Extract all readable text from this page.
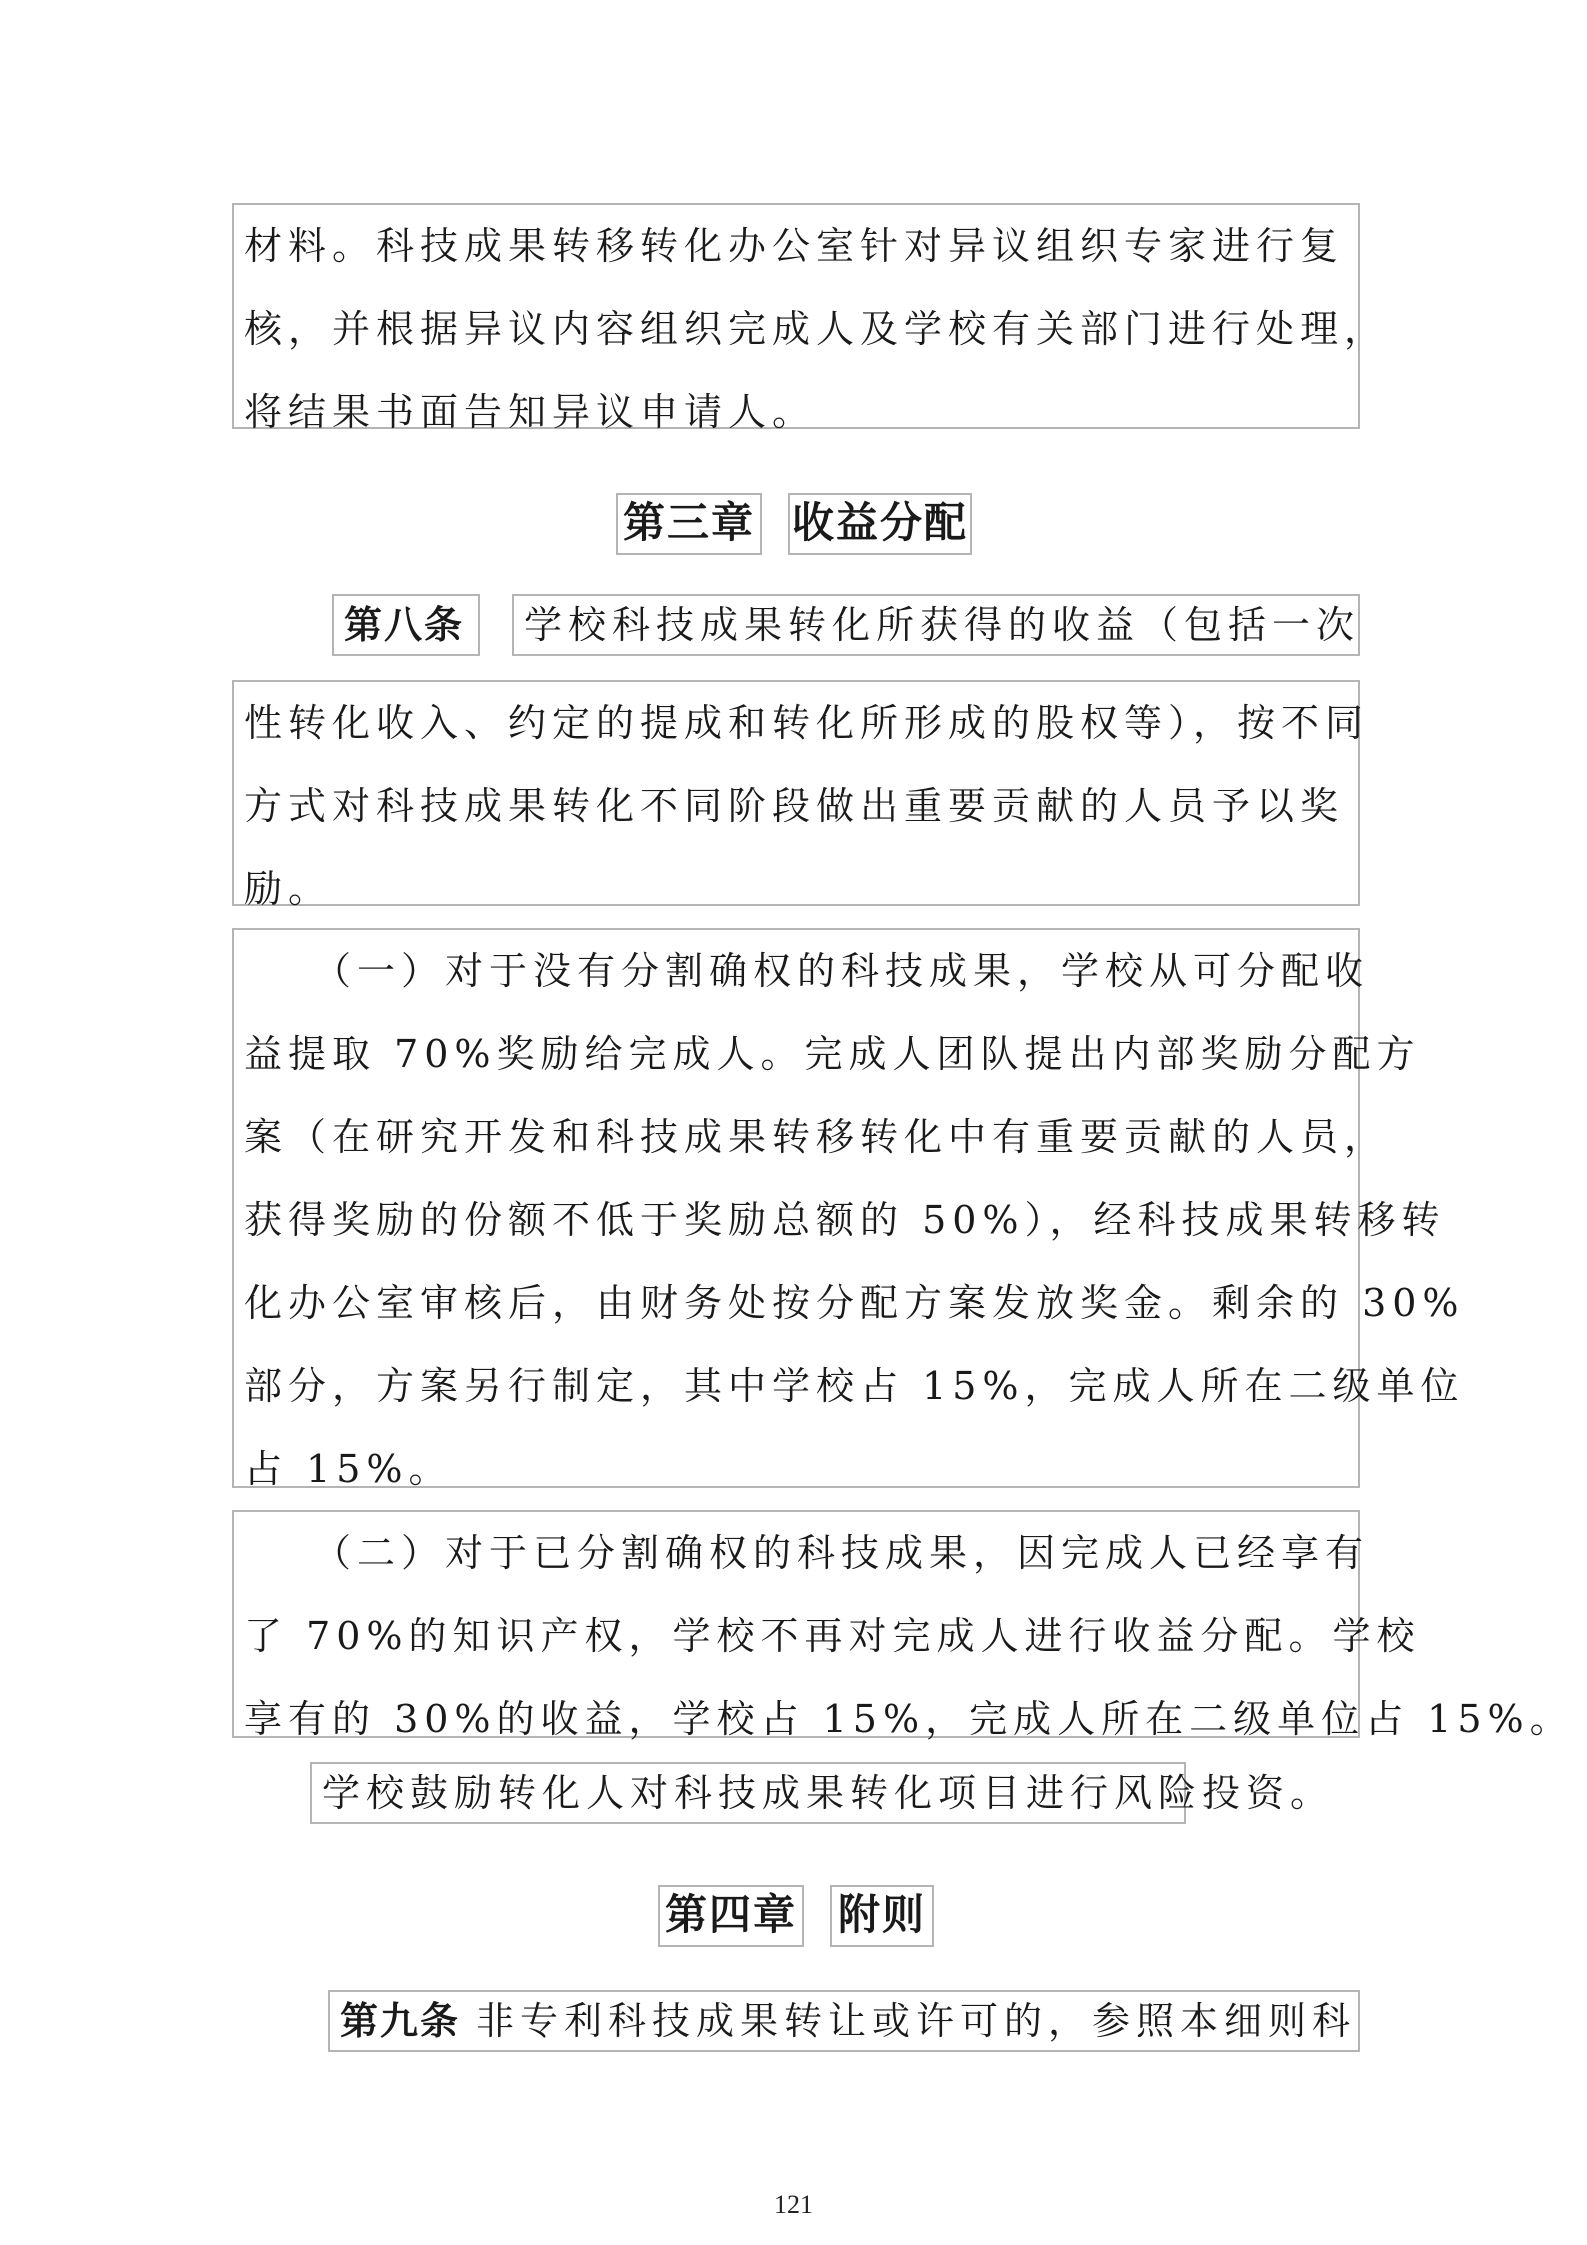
材料。科技成果转移转化办公室针对异议组织专家进行复
核，并根据异议内容组织完成人及学校有关部门进行处理，
将结果书面告知异议申请人。
第三章 收益分配
第八条	学校科技成果转化所获得的收益（包括一次
性转化收入、约定的提成和转化所形成的股权等），按不同
方式对科技成果转化不同阶段做出重要贡献的人员予以奖
励。
　　（一）对于没有分割确权的科技成果，学校从可分配收
益提取 70%奖励给完成人。完成人团队提出内部奖励分配方
案（在研究开发和科技成果转移转化中有重要贡献的人员，
获得奖励的份额不低于奖励总额的 50%），经科技成果转移转
化办公室审核后，由财务处按分配方案发放奖金。剩余的 30%
部分，方案另行制定，其中学校占 15%，完成人所在二级单位
占 15%。
　　（二）对于已分割确权的科技成果，因完成人已经享有
了 70%的知识产权，学校不再对完成人进行收益分配。学校
享有的 30%的收益，学校占 15%，完成人所在二级单位占 15%。
学校鼓励转化人对科技成果转化项目进行风险投资。
第四章 附则
第九条 非专利科技成果转让或许可的，参照本细则科
121
